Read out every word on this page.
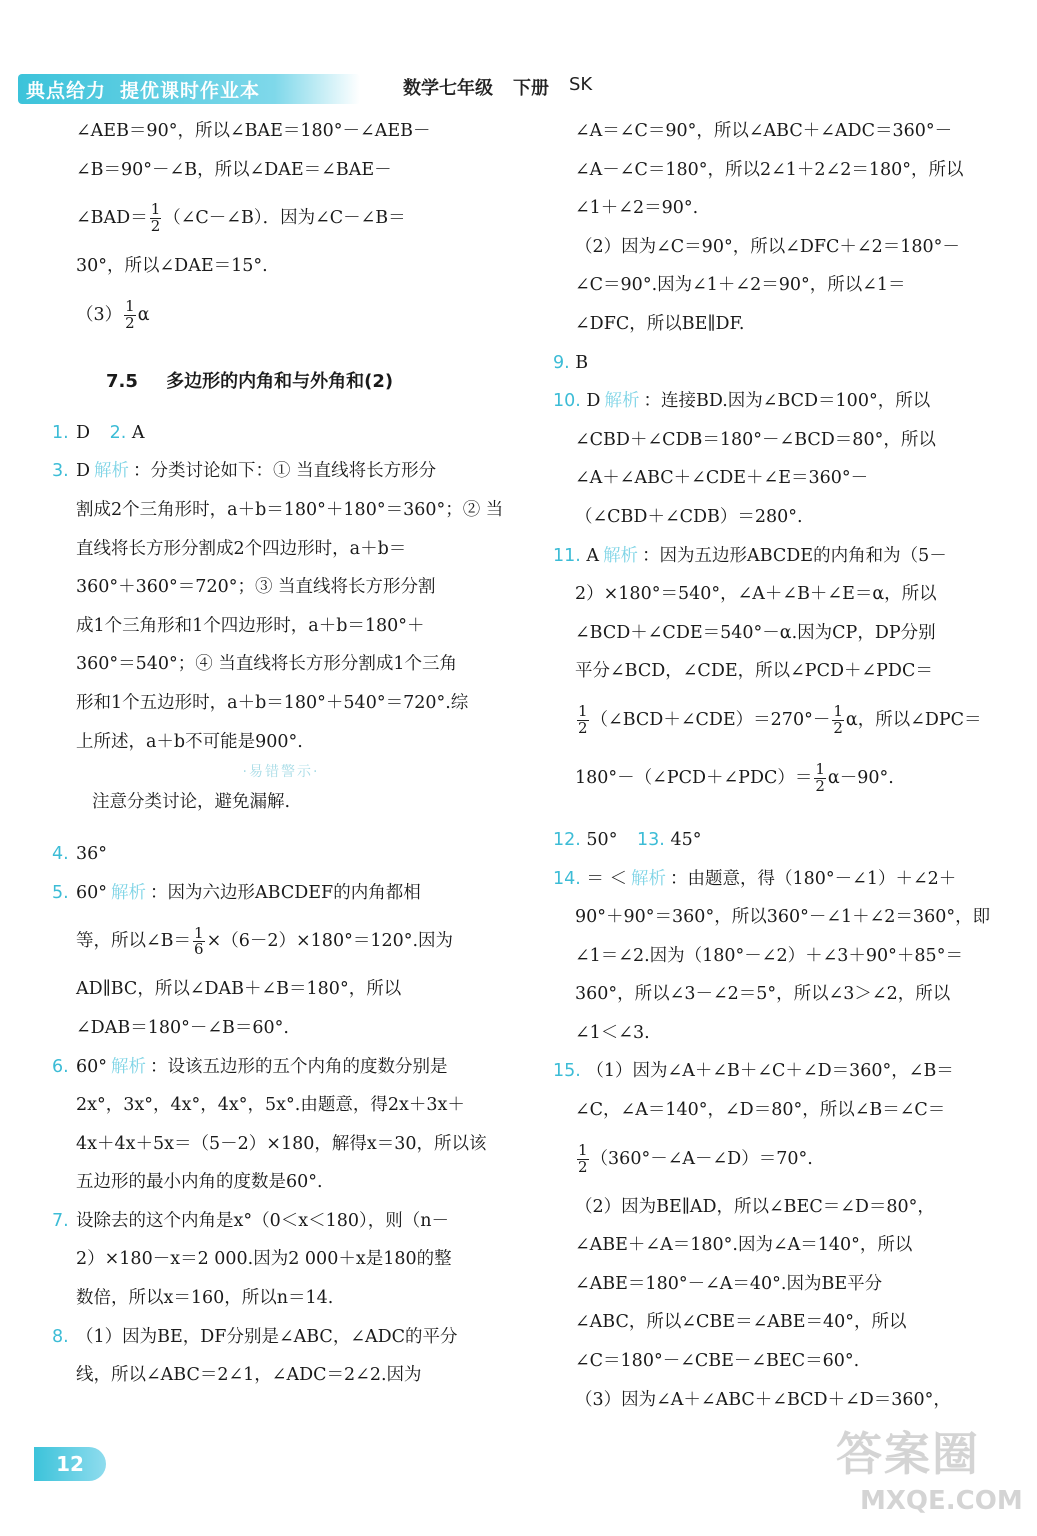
典点给力 提优课时作业本	数学七年级 下册 SK
∠AEB＝90°，所以∠BAE＝180°－∠AEB－
∠B＝90°－∠B，所以∠DAE＝∠BAE－
∠BAD＝ $\frac{1}{2}$ （∠C－∠B）．因为∠C－∠B＝
30°，所以∠DAE＝15°.
$(3) \frac{1}{2}$ α
7.5 多边形的内角和与外角和(2)
1. D 2. A
3. D 解析 ：分类讨论如下：① 当直线将长方形分
割成2个三角形时，a＋b＝180°＋180°＝360°；② 当
直线将长方形分割成2个四边形时，a＋b＝
360°＋360°＝720°；③ 当直线将长方形分割
成1个三角形和1个四边形时，a＋b＝180°＋
360°＝540°；④ 当直线将长方形分割成1个三角
形和1个五边形时，a＋b＝180°＋540°＝720°.综
上所述，a＋b不可能是900°.
·易错警示·
注意分类讨论，避免漏解.
4. 36°
5. 60° 解析 ：因为六边形ABCDEF的内角都相
等，所以∠B＝ $\frac{1}{6} \times(6-2)\times 180^\circ=120^\circ$.因为
AD∥BC，所以∠DAB＋∠B＝180°，所以
∠DAB＝180°－∠B＝60°.
6. 60° 解析 ：设该五边形的五个内角的度数分别是
2x°，3x°，4x°，4x°，5x°.由题意，得2x＋3x＋
4x＋4x＋5x＝（5－2）×180，解得x＝30，所以该
五边形的最小内角的度数是60°.
7. 设除去的这个内角是x°（0＜x＜180），则（n－
2）×180－x＝2 000.因为2 000＋x是180的整
数倍，所以x＝160，所以n＝14.
8. （1）因为BE，DF分别是∠ABC，∠ADC的平分
线，所以∠ABC＝2∠1，∠ADC＝2∠2.因为
∠A＝∠C＝90°，所以∠ABC＋∠ADC＝360°－
∠A－∠C＝180°，所以2∠1＋2∠2＝180°，所以
∠1＋∠2＝90°.
（2）因为∠C＝90°，所以∠DFC＋∠2＝180°－
∠C＝90°.因为∠1＋∠2＝90°，所以∠1＝
∠DFC，所以BE∥DF.
9. B
10. D 解析 ：连接BD.因为∠BCD＝100°，所以
∠CBD＋∠CDB＝180°－∠BCD＝80°，所以
∠A＋∠ABC＋∠CDE＋∠E＝360°－
（∠CBD＋∠CDB）＝280°.
11. A 解析 ：因为五边形ABCDE的内角和为（5－
2）×180°＝540°，∠A＋∠B＋∠E＝α，所以
∠BCD＋∠CDE＝540°－α.因为CP，DP分别
平分∠BCD，∠CDE，所以∠PCD＋∠PDC＝
$\frac{1}{2}$ （∠BCD＋∠CDE）＝270°－ $\frac{1}{2}$ α，所以∠DPC＝
180°－（∠PCD＋∠PDC）＝ $\frac{1}{2} \alpha-90^\circ$.
12. 50° 13. 45°
14. ＝ ＜ 解析 ：由题意，得（180°－∠1）＋∠2＋
90°＋90°＝360°，所以360°－∠1＋∠2＝360°，即
∠1＝∠2.因为（180°－∠2）＋∠3＋90°＋85°＝
360°，所以∠3－∠2＝5°，所以∠3＞∠2，所以
∠1＜∠3.
15. （1）因为∠A＋∠B＋∠C＋∠D＝360°，∠B＝
∠C，∠A＝140°，∠D＝80°，所以∠B＝∠C＝
$\frac{1}{2}$ （360°－∠A－∠D）＝70°.
（2）因为BE∥AD，所以∠BEC＝∠D＝80°，
∠ABE＋∠A＝180°.因为∠A＝140°，所以
∠ABE＝180°－∠A＝40°.因为BE平分
∠ABC，所以∠CBE＝∠ABE＝40°，所以
∠C＝180°－∠CBE－∠BEC＝60°.
（3）因为∠A＋∠ABC＋∠BCD＋∠D＝360°，
12	答案圈
MXQE.COM
